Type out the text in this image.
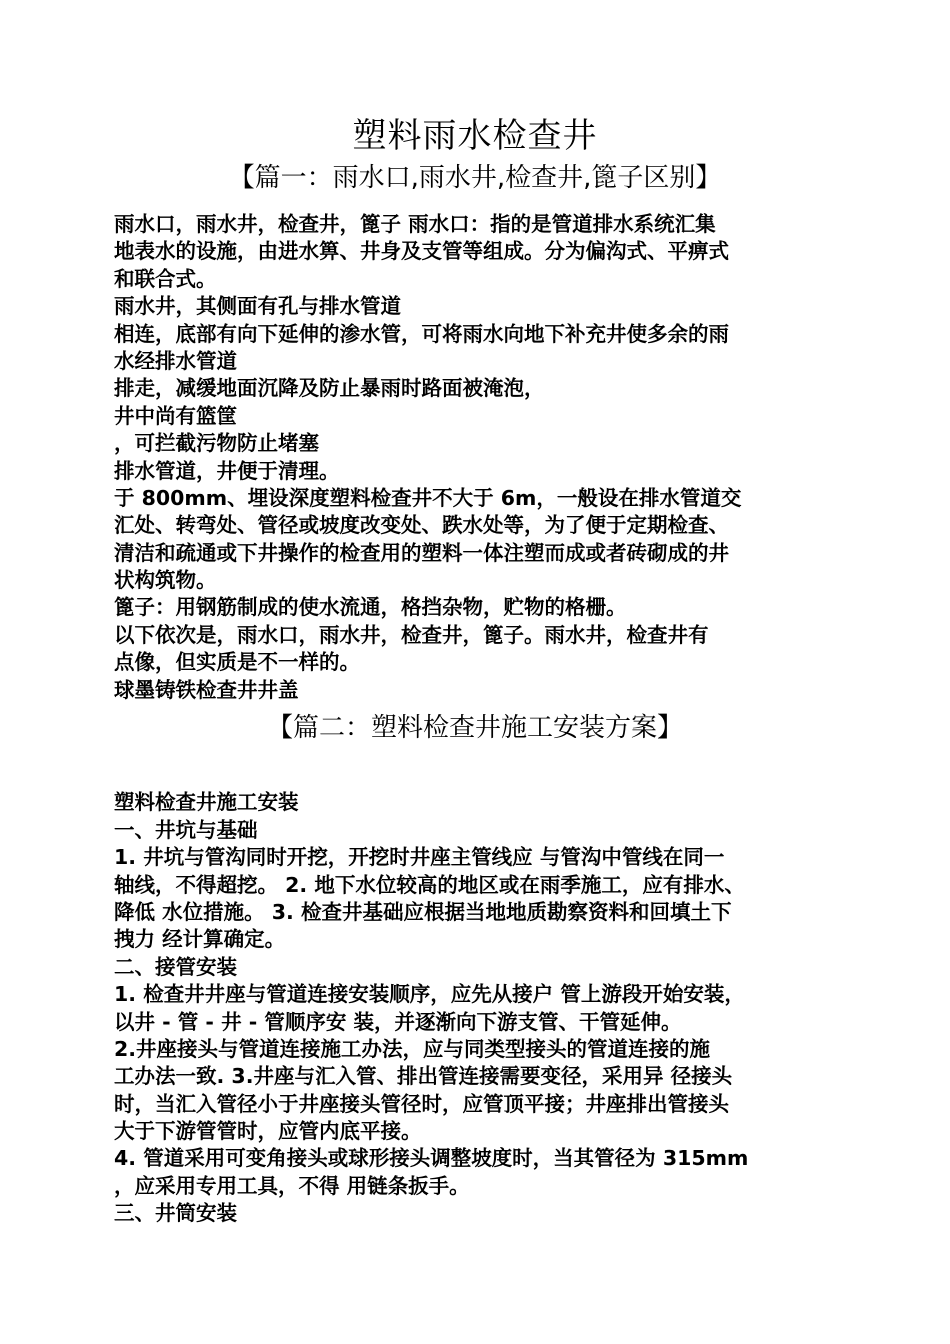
塑料雨水检查井
【篇一：雨水口,雨水井,检查井,篦子区别】
雨水口，雨水井，检查井，篦子 雨水口：指的是管道排水系统汇集
地表水的设施，由进水箅、井身及支管等组成。分为偏沟式、平痹式
和联合式。
雨水井，其侧面有孔与排水管道
相连，底部有向下延伸的渗水管，可将雨水向地下补充井使多余的雨
水经排水管道
排走，减缓地面沉降及防止暴雨时路面被淹泡，
井中尚有篮筐
，可拦截污物防止堵塞
排水管道，井便于清理。
于 800mm、埋设深度塑料检查井不大于 6m，一般设在排水管道交
汇处、转弯处、管径或坡度改变处、跌水处等，为了便于定期检查、
清洁和疏通或下井操作的检查用的塑料一体注塑而成或者砖砌成的井
状构筑物。
篦子：用钢筋制成的使水流通，格挡杂物，贮物的格栅。
以下依次是，雨水口，雨水井，检查井，篦子。雨水井，检查井有
点像，但实质是不一样的。
球墨铸铁检查井井盖
【篇二：塑料检查井施工安装方案】
塑料检查井施工安装
一、井坑与基础
1. 井坑与管沟同时开挖，开挖时井座主管线应 与管沟中管线在同一
轴线，不得超挖。 2. 地下水位较高的地区或在雨季施工，应有排水、
降低 水位措施。 3. 检查井基础应根据当地地质勘察资料和回填土下
拽力 经计算确定。
二、接管安装
1. 检查井井座与管道连接安装顺序，应先从接户 管上游段开始安装，
以井 - 管 - 井 - 管顺序安 装，并逐渐向下游支管、干管延伸。
2.井座接头与管道连接施工办法，应与同类型接头的管道连接的施
工办法一致. 3.井座与汇入管、排出管连接需要变径，采用异 径接头
时，当汇入管径小于井座接头管径时，应管顶平接；井座排出管接头
大于下游管管时，应管内底平接。
4. 管道采用可变角接头或球形接头调整坡度时，当其管径为 315mm
，应采用专用工具，不得 用链条扳手。
三、井筒安装
